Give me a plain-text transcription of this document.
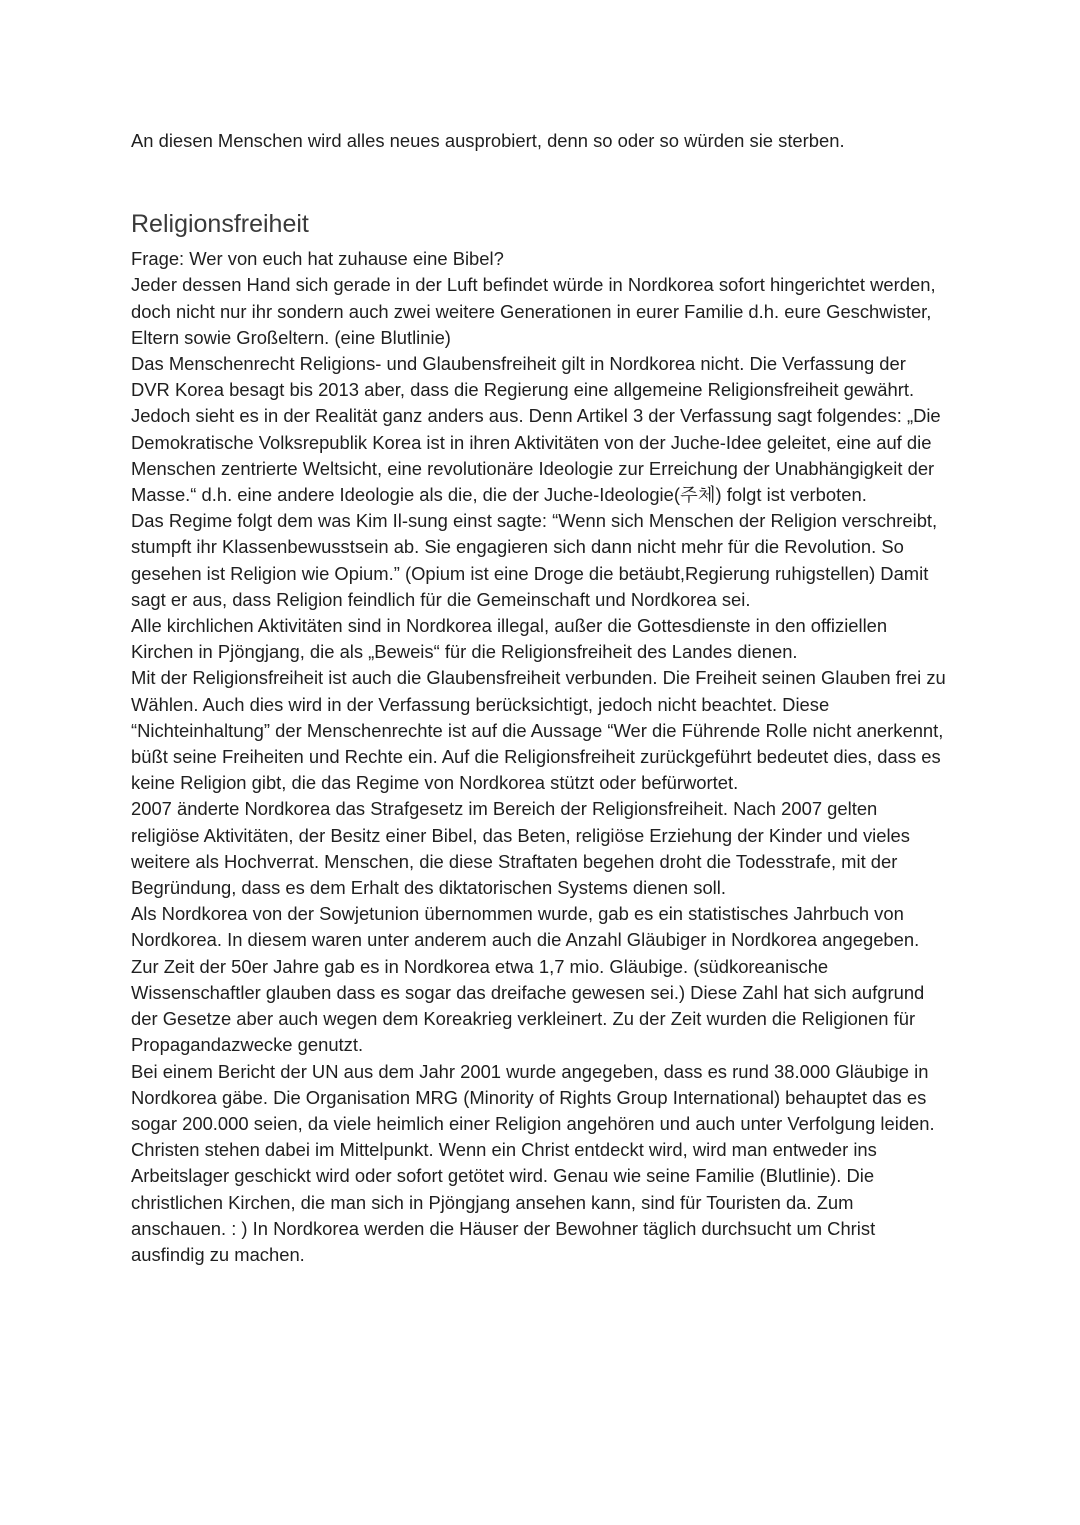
An diesen Menschen wird alles neues ausprobiert, denn so oder so würden sie sterben.

Religionsfreiheit

Frage: Wer von euch hat zuhause eine Bibel?

Jeder dessen Hand sich gerade in der Luft befindet würde in Nordkorea sofort hingerichtet werden, doch nicht nur ihr sondern auch zwei weitere Generationen in eurer Familie d.h. eure Geschwister, Eltern sowie Großeltern. (eine Blutlinie)

Das Menschenrecht Religions- und Glaubensfreiheit gilt in Nordkorea nicht. Die Verfassung der DVR Korea besagt bis 2013 aber, dass die Regierung eine allgemeine Religionsfreiheit gewährt. Jedoch sieht es in der Realität ganz anders aus. Denn Artikel 3 der Verfassung sagt folgendes: „Die Demokratische Volksrepublik Korea ist in ihren Aktivitäten von der Juche-Idee geleitet, eine auf die Menschen zentrierte Weltsicht, eine revolutionäre Ideologie zur Erreichung der Unabhängigkeit der Masse.“ d.h. eine andere Ideologie als die, die der Juche-Ideologie(주체) folgt ist verboten.

Das Regime folgt dem was Kim Il-sung einst sagte: “Wenn sich Menschen der Religion verschreibt, stumpft ihr Klassenbewusstsein ab. Sie engagieren sich dann nicht mehr für die Revolution. So gesehen ist Religion wie Opium.” (Opium ist eine Droge die betäubt,Regierung ruhigstellen) Damit sagt er aus, dass Religion feindlich für die Gemeinschaft und Nordkorea sei.

Alle kirchlichen Aktivitäten sind in Nordkorea illegal, außer die Gottesdienste in den offiziellen Kirchen in Pjöngjang, die als „Beweis“ für die Religionsfreiheit des Landes dienen.

Mit der Religionsfreiheit ist auch die Glaubensfreiheit verbunden. Die Freiheit seinen Glauben frei zu Wählen. Auch dies wird in der Verfassung berücksichtigt, jedoch nicht beachtet. Diese “Nichteinhaltung” der Menschenrechte ist auf die Aussage “Wer die Führende Rolle nicht anerkennt, büßt seine Freiheiten und Rechte ein. Auf die Religionsfreiheit zurückgeführt bedeutet dies, dass es keine Religion gibt, die das Regime von Nordkorea stützt oder befürwortet.

2007 änderte Nordkorea das Strafgesetz im Bereich der Religionsfreiheit. Nach 2007 gelten religiöse Aktivitäten, der Besitz einer Bibel, das Beten, religiöse Erziehung der Kinder und vieles weitere als Hochverrat. Menschen, die diese Straftaten begehen droht die Todesstrafe, mit der Begründung, dass es dem Erhalt des diktatorischen Systems dienen soll.

Als Nordkorea von der Sowjetunion übernommen wurde, gab es ein statistisches Jahrbuch von Nordkorea. In diesem waren unter anderem auch die Anzahl Gläubiger in Nordkorea angegeben. Zur Zeit der 50er Jahre gab es in Nordkorea etwa 1,7 mio. Gläubige. (südkoreanische Wissenschaftler glauben dass es sogar das dreifache gewesen sei.) Diese Zahl hat sich aufgrund der Gesetze aber auch wegen dem Koreakrieg verkleinert. Zu der Zeit wurden die Religionen für Propagandazwecke genutzt.

Bei einem Bericht der UN aus dem Jahr 2001 wurde angegeben, dass es rund 38.000 Gläubige in Nordkorea gäbe. Die Organisation MRG (Minority of Rights Group International) behauptet das es sogar 200.000 seien, da viele heimlich einer Religion angehören und auch unter Verfolgung leiden. Christen stehen dabei im Mittelpunkt. Wenn ein Christ entdeckt wird, wird man entweder ins Arbeitslager geschickt wird oder sofort getötet wird. Genau wie seine Familie (Blutlinie). Die christlichen Kirchen, die man sich in Pjöngjang ansehen kann, sind für Touristen da. Zum anschauen. : ) In Nordkorea werden die Häuser der Bewohner täglich durchsucht um Christ ausfindig zu machen.
